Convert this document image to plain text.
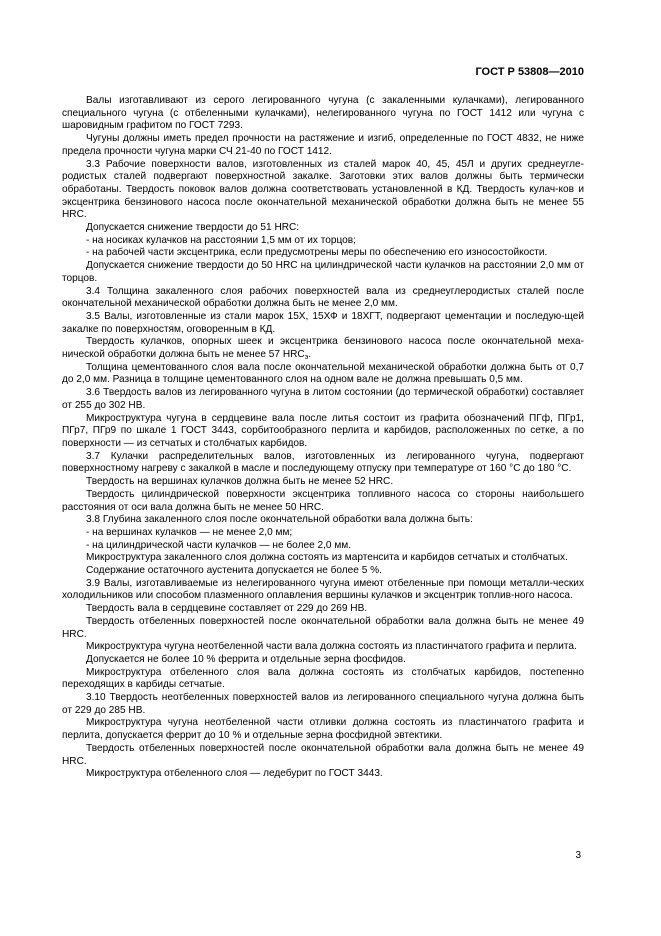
ГОСТ Р 53808—2010

Валы изготавливают из серого легированного чугуна (с закаленными кулачками), легированного специального чугуна (с отбеленными кулачками), нелегированного чугуна по ГОСТ 1412 или чугуна с шаровидным графитом по ГОСТ 7293.

Чугуны должны иметь предел прочности на растяжение и изгиб, определенные по ГОСТ 4832, не ниже предела прочности чугуна марки СЧ 21-40 по ГОСТ 1412.

3.3 Рабочие поверхности валов, изготовленных из сталей марок 40, 45, 45Л и других среднеугле-родистых сталей подвергают поверхностной закалке. Заготовки этих валов должны быть термически обработаны. Твердость поковок валов должна соответствовать установленной в КД. Твердость кулач-ков и эксцентрика бензинового насоса после окончательной механической обработки должна быть не менее 55 HRC.

Допускается снижение твердости до 51 HRC:

- на носиках кулачков на расстоянии 1,5 мм от их торцов;

- на рабочей части эксцентрика, если предусмотрены меры по обеспечению его износостойкости.

Допускается снижение твердости до 50 HRC на цилиндрической части кулачков на расстоянии 2,0 мм от торцов.

3.4 Толщина закаленного слоя рабочих поверхностей вала из среднеуглеродистых сталей после окончательной механической обработки должна быть не менее 2,0 мм.

3.5 Валы, изготовленные из стали марок 15Х, 15ХФ и 18ХГТ, подвергают цементации и последую-щей закалке по поверхностям, оговоренным в КД.

Твердость кулачков, опорных шеек и эксцентрика бензинового насоса после окончательной меха-нической обработки должна быть не менее 57 $HRC_э$.

Толщина цементованного слоя вала после окончательной механической обработки должна быть от 0,7 до 2,0 мм. Разница в толщине цементованного слоя на одном вале не должна превышать 0,5 мм.

3.6 Твердость валов из легированного чугуна в литом состоянии (до термической обработки) составляет от 255 до 302 HB.

Микроструктура чугуна в сердцевине вала после литья состоит из графита обозначений ПГф, ПГр1, ПГр7, ПГр9 по шкале 1 ГОСТ 3443, сорбитообразного перлита и карбидов, расположенных по сетке, а по поверхности — из сетчатых и столбчатых карбидов.

3.7 Кулачки распределительных валов, изготовленных из легированного чугуна, подвергают поверхностному нагреву с закалкой в масле и последующему отпуску при температуре от 160 °С до 180 °С.

Твердость на вершинах кулачков должна быть не менее 52 HRC.

Твердость цилиндрической поверхности эксцентрика топливного насоса со стороны наибольшего расстояния от оси вала должна быть не менее 50 HRC.

3.8 Глубина закаленного слоя после окончательной обработки вала должна быть:

- на вершинах кулачков — не менее 2,0 мм;

- на цилиндрической части кулачков — не более 2,0 мм.

Микроструктура закаленного слоя должна состоять из мартенсита и карбидов сетчатых и столбчатых.

Содержание остаточного аустенита допускается не более 5 %.

3.9 Валы, изготавливаемые из нелегированного чугуна имеют отбеленные при помощи металли-ческих холодильников или способом плазменного оплавления вершины кулачков и эксцентрик топлив-ного насоса.

Твердость вала в сердцевине составляет от 229 до 269 HB.

Твердость отбеленных поверхностей после окончательной обработки вала должна быть не менее 49 HRC.

Микроструктура чугуна неотбеленной части вала должна состоять из пластинчатого графита и перлита.

Допускается не более 10 % феррита и отдельные зерна фосфидов.

Микроструктура отбеленного слоя вала должна состоять из столбчатых карбидов, постепенно переходящих в карбиды сетчатые.

3.10 Твердость неотбеленных поверхностей валов из легированного специального чугуна должна быть от 229 до 285 HB.

Микроструктура чугуна неотбеленной части отливки должна состоять из пластинчатого графита и перлита, допускается феррит до 10 % и отдельные зерна фосфидной эвтектики.

Твердость отбеленных поверхностей после окончательной обработки вала должна быть не менее 49 HRC.

Микроструктура отбеленного слоя — ледебурит по ГОСТ 3443.

3
